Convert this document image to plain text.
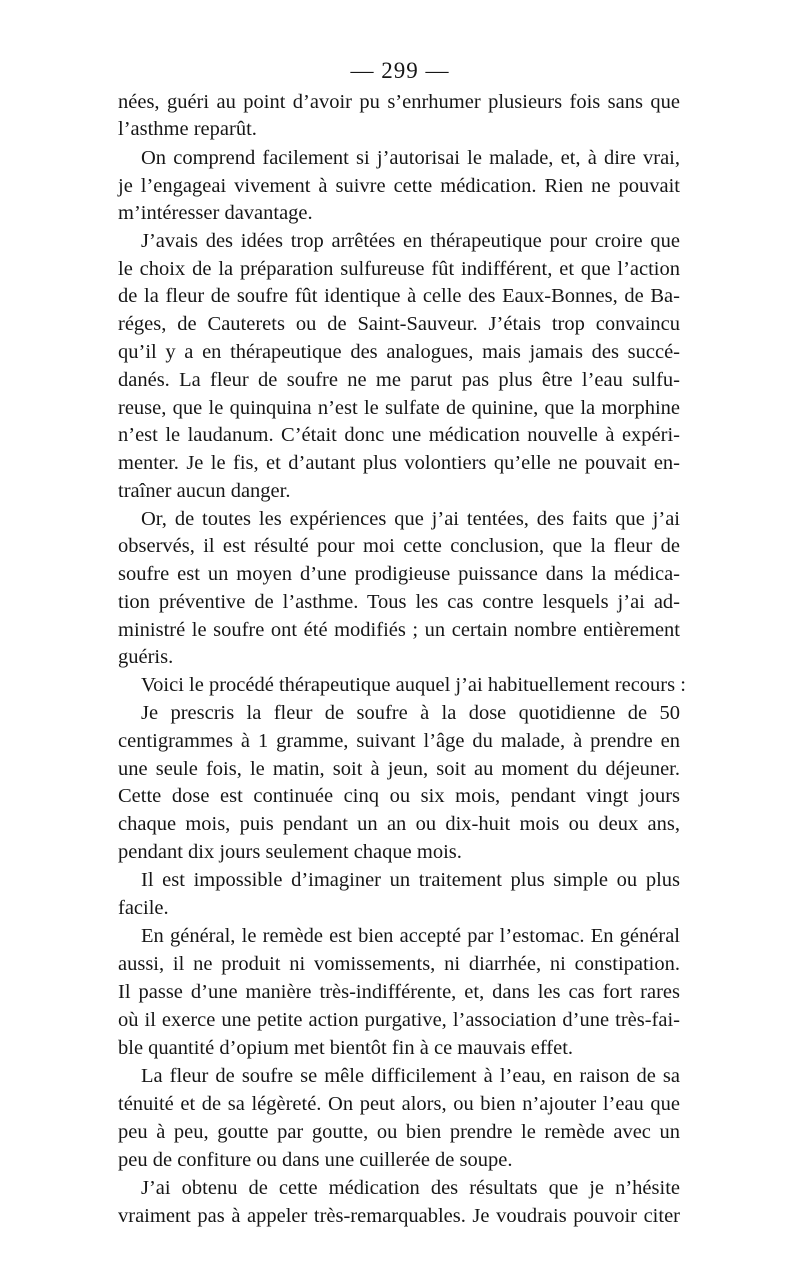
— 299 —
nées, guéri au point d’avoir pu s’enrhumer plusieurs fois sans que
l’asthme reparût.
On comprend facilement si j’autorisai le malade, et, à dire vrai,
je l’engageai vivement à suivre cette médication. Rien ne pouvait
m’intéresser davantage.
J’avais des idées trop arrêtées en thérapeutique pour croire que
le choix de la préparation sulfureuse fût indifférent, et que l’action
de la fleur de soufre fût identique à celle des Eaux-Bonnes, de Ba-
réges, de Cauterets ou de Saint-Sauveur. J’étais trop convaincu
qu’il y a en thérapeutique des analogues, mais jamais des succé-
danés. La fleur de soufre ne me parut pas plus être l’eau sulfu-
reuse, que le quinquina n’est le sulfate de quinine, que la morphine
n’est le laudanum. C’était donc une médication nouvelle à expéri-
menter. Je le fis, et d’autant plus volontiers qu’elle ne pouvait en-
traîner aucun danger.
Or, de toutes les expériences que j’ai tentées, des faits que j’ai
observés, il est résulté pour moi cette conclusion, que la fleur de
soufre est un moyen d’une prodigieuse puissance dans la médica-
tion préventive de l’asthme. Tous les cas contre lesquels j’ai ad-
ministré le soufre ont été modifiés ; un certain nombre entièrement
guéris.
Voici le procédé thérapeutique auquel j’ai habituellement recours :
Je prescris la fleur de soufre à la dose quotidienne de 50
centigrammes à 1 gramme, suivant l’âge du malade, à prendre en
une seule fois, le matin, soit à jeun, soit au moment du déjeuner.
Cette dose est continuée cinq ou six mois, pendant vingt jours
chaque mois, puis pendant un an ou dix-huit mois ou deux ans,
pendant dix jours seulement chaque mois.
Il est impossible d’imaginer un traitement plus simple ou plus
facile.
En général, le remède est bien accepté par l’estomac. En général
aussi, il ne produit ni vomissements, ni diarrhée, ni constipation.
Il passe d’une manière très-indifférente, et, dans les cas fort rares
où il exerce une petite action purgative, l’association d’une très-fai-
ble quantité d’opium met bientôt fin à ce mauvais effet.
La fleur de soufre se mêle difficilement à l’eau, en raison de sa
ténuité et de sa légèreté. On peut alors, ou bien n’ajouter l’eau que
peu à peu, goutte par goutte, ou bien prendre le remède avec un
peu de confiture ou dans une cuillerée de soupe.
J’ai obtenu de cette médication des résultats que je n’hésite
vraiment pas à appeler très-remarquables. Je voudrais pouvoir citer
